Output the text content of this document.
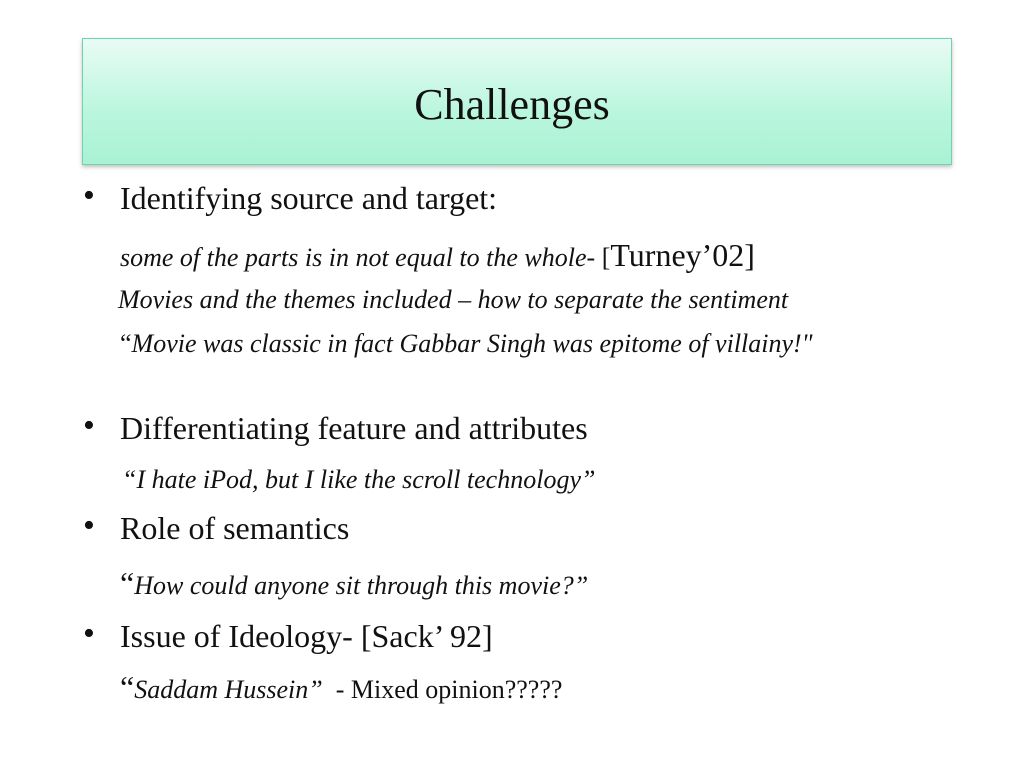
Challenges
• Identifying source and target:
some of the parts is in not equal to the whole- [Turney’02]
Movies and the themes included – how to separate the sentiment
“Movie was classic in fact Gabbar Singh was epitome of villainy!"
• Differentiating feature and attributes
“I hate iPod, but I like the scroll technology”
• Role of semantics
“How could anyone sit through this movie?”
• Issue of Ideology- [Sack’ 92]
“Saddam Hussein”  - Mixed opinion?????
